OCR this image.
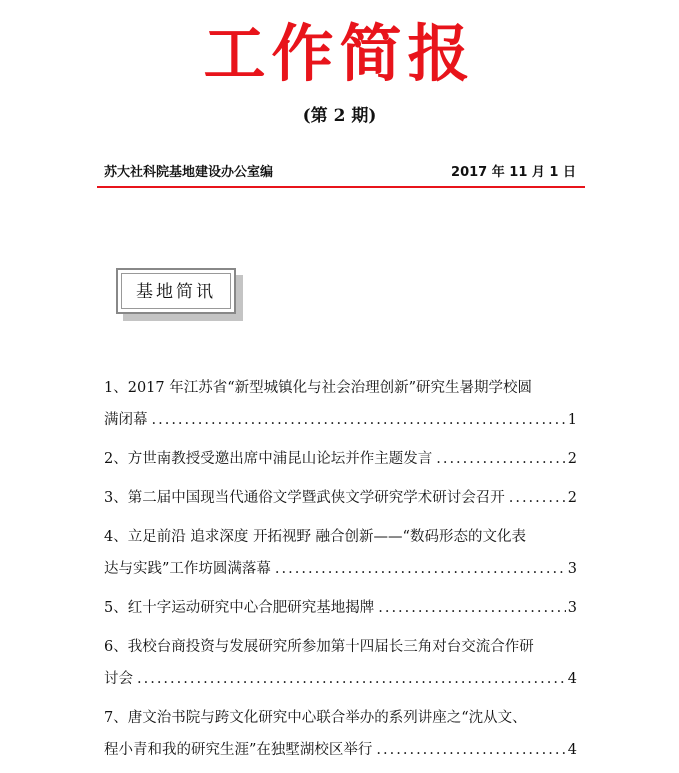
工作简报
(第 2 期)
苏大社科院基地建设办公室编	2017 年 11 月 1 日
基地简讯
1、2017 年江苏省“新型城镇化与社会治理创新”研究生暑期学校圆
满闭幕 .....	1
2、方世南教授受邀出席中浦昆山论坛并作主题发言 .....	2
3、第二届中国现当代通俗文学暨武侠文学研究学术研讨会召开 .....	2
4、立足前沿 追求深度 开拓视野 融合创新——“数码形态的文化表
达与实践”工作坊圆满落幕 .....	3
5、红十字运动研究中心合肥研究基地揭牌 .....	3
6、我校台商投资与发展研究所参加第十四届长三角对台交流合作研
讨会 .....	4
7、唐文治书院与跨文化研究中心联合举办的系列讲座之“沈从文、
程小青和我的研究生涯”在独墅湖校区举行 .....	4
